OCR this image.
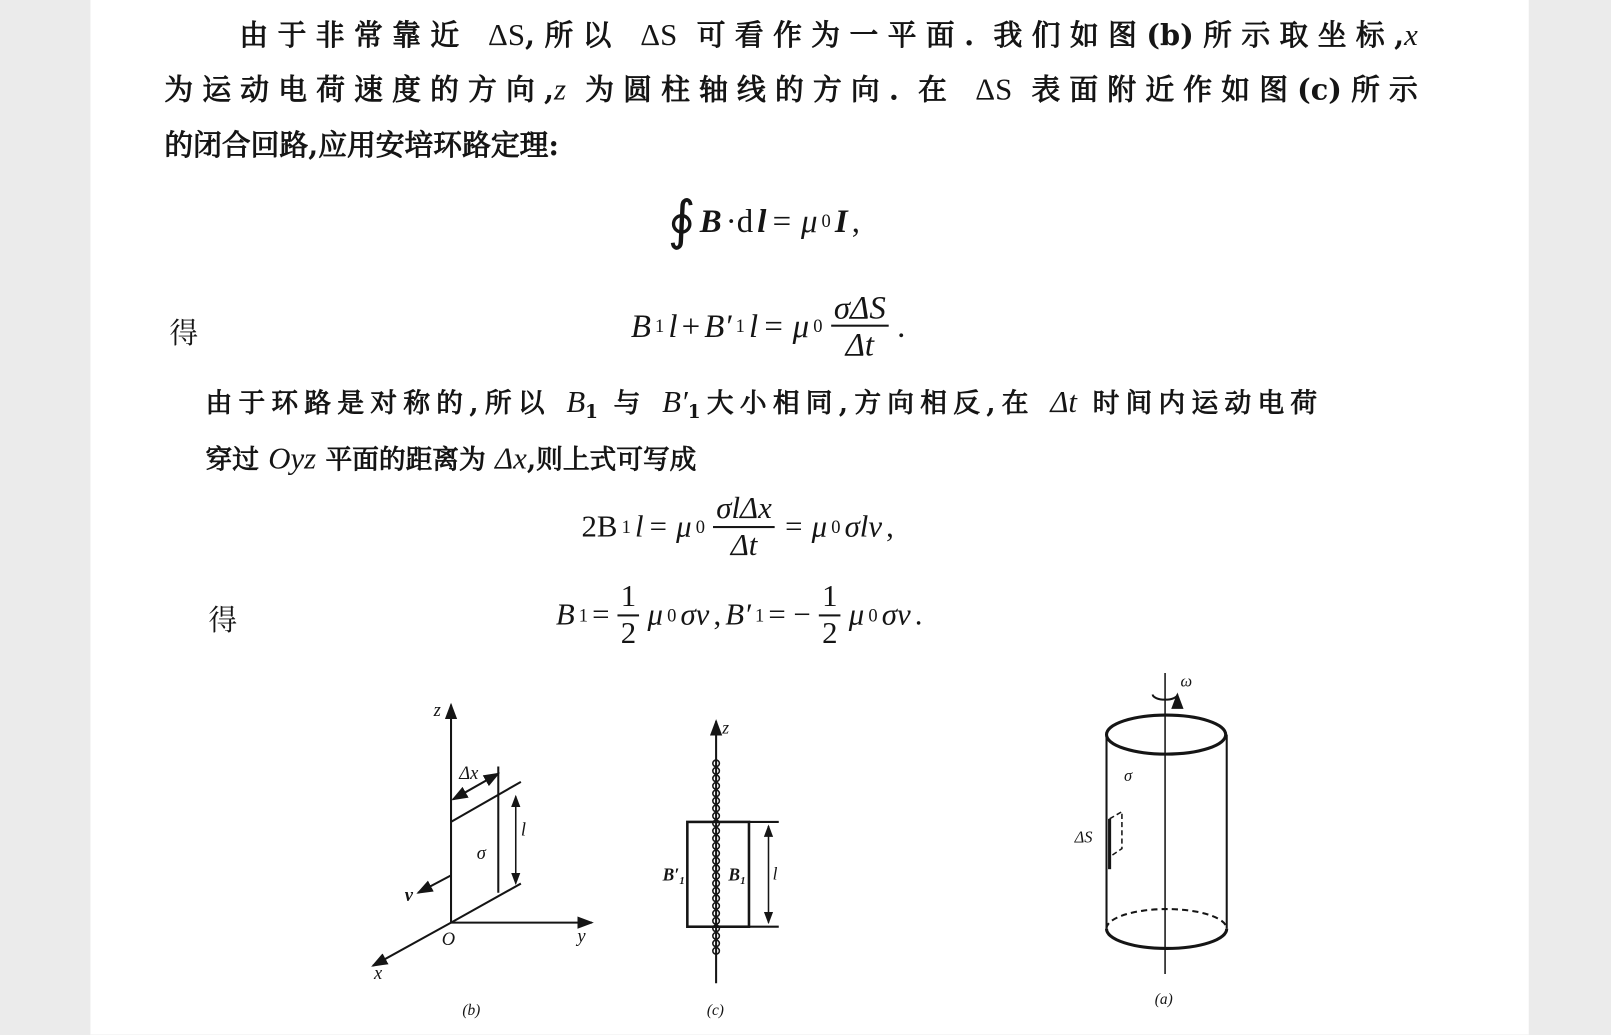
由于非常靠近 ΔS,所以 ΔS 可看作为一平面. 我们如图(b)所示取坐标,x
为运动电荷速度的方向,z 为圆柱轴线的方向. 在 ΔS 表面附近作如图(c)所示
的闭合回路,应用安培环路定理:
∮ B ·d l = μ 0 I ,
得	B 1 l + B′ 1 l = μ $0 \frac{\text{σΔS}}{\Delta t}$ .
由于环路是对称的,所以 $B_1$ 与 $B'_1$大小相同,方向相反,在 Δt 时间内运动电荷
穿过 Oyz 平面的距离为 Δx,则上式可写成
2B 1 l = μ $0 \frac{\text{σlΔx}}{\Delta t} = \mu$ 0 σlv ,
得	B $1 = \frac{1}{2}$ μ 0 σv , B′ 1 = − $\frac{1}{2}$ μ 0 σv .
z
x
y
O
Δx
l
σ
v
(b)
z
B′₁	B₁ l
(c)
ω
σ
ΔS
(a)
